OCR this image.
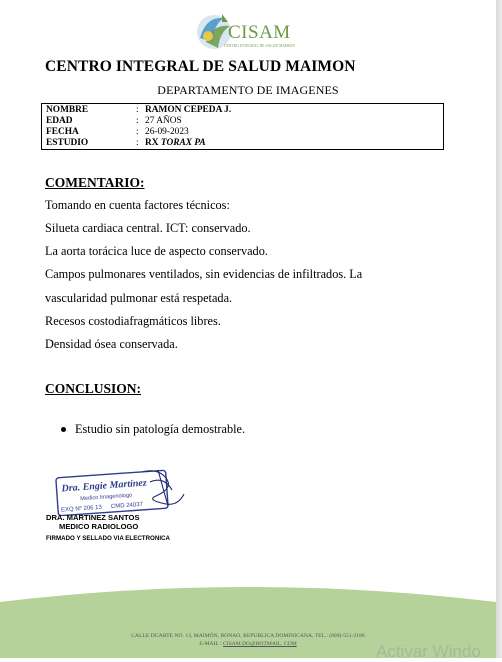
CISAM
CENTRO INTEGRAL DE SALUD MAIMON
CENTRO INTEGRAL DE SALUD MAIMON
DEPARTAMENTO DE IMAGENES
NOMBRE	: RAMON CEPEDA J.
EDAD	: 27 AÑOS
FECHA	: 26-09-2023
ESTUDIO	: RX TORAX PA
COMENTARIO:
Tomando en cuenta factores técnicos:
Silueta cardiaca central. ICT: conservado.
La aorta torácica luce de aspecto conservado.
Campos pulmonares ventilados, sin evidencias de infiltrados. La
vascularidad pulmonar está respetada.
Recesos costodiafragmáticos libres.
Densidad ósea conservada.
CONCLUSION:
Estudio sin patología demostrable.
Dra. Engie Martinez
Medico Imagenologo
EXQ Nº 206 13 CMD 24037
DRA. MARTINEZ SANTOS
MEDICO RADIOLOGO
FIRMADO Y SELLADO VIA ELECTRONICA
CALLE DUARTE NO. 13, MAIMÓN, BONAO, REPUBLICA DOMINICANA, TEL.: (809)-551-2186
E-MAIL : CISAM.DO@HOTMAIL. COM	Activar Windo
